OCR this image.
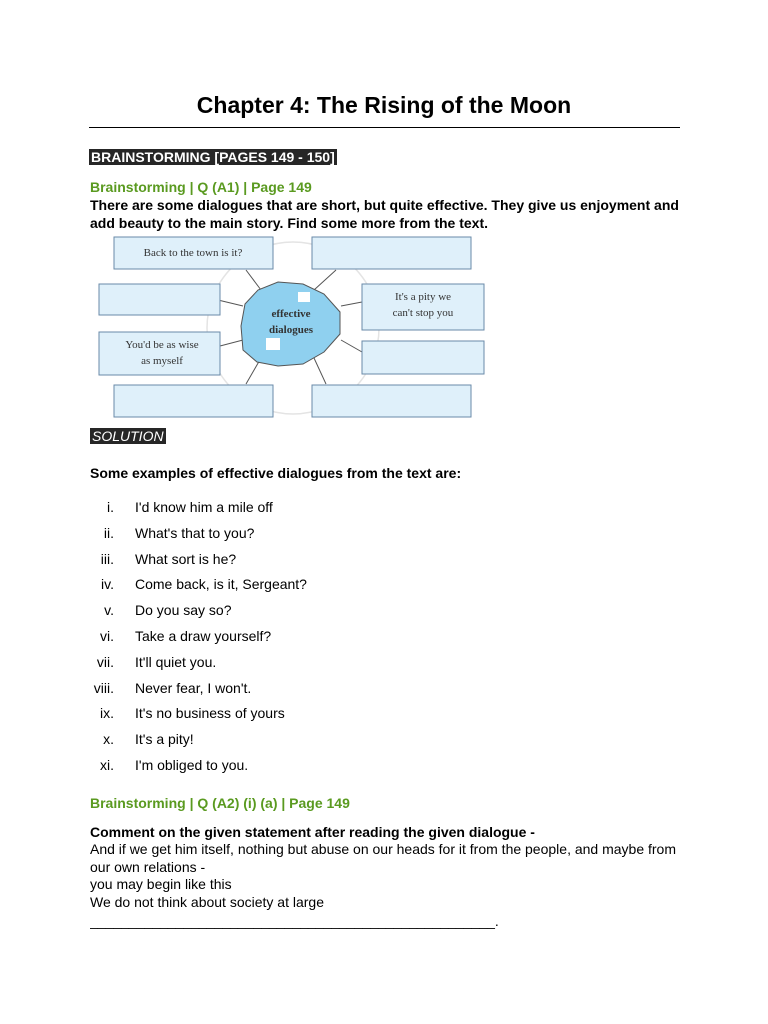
Chapter 4: The Rising of the Moon
BRAINSTORMING [PAGES 149 - 150]
Brainstorming | Q (A1) | Page 149
There are some dialogues that are short, but quite effective. They give us enjoyment and add beauty to the main story. Find some more from the text.
effective
dialogues
Back to the town is it?
It's a pity we
can't stop you
You'd be as wise
as myself
SOLUTION
Some examples of effective dialogues from the text are:
i. I'd know him a mile off
ii. What's that to you?
iii. What sort is he?
iv. Come back, is it, Sergeant?
v. Do you say so?
vi. Take a draw yourself?
vii. It'll quiet you.
viii. Never fear, I won't.
ix. It's no business of yours
x. It's a pity!
xi. I'm obliged to you.
Brainstorming | Q (A2) (i) (a) | Page 149
Comment on the given statement after reading the given dialogue -
And if we get him itself, nothing but abuse on our heads for it from the people, and maybe from our own relations -
you may begin like this
We do not think about society at large
____________________________________________________.
